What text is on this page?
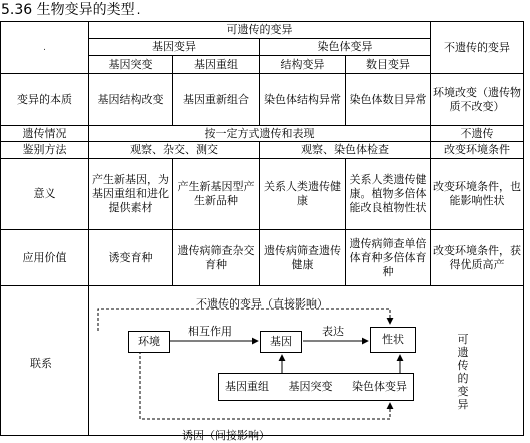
5.36 生物变异的类型 .
.	可遗传的变异				不遗传的变异
	基因变异		染色体变异		
	基因突变	基因重组	结构变异	数目变异	
变异的本质	基因结构改变	基因重新组合	染色体结构异常	染色体数目异常	环境改变（遗传物质不改变）
遗传情况	按一定方式遗传和表现				不遗传
鉴别方法	观察、杂交、测交		观察、染色体检查		改变环境条件
意义	产生新基因，为基因重组和进化提供素材	产生新基因型产生新品种	关系人类遗传健康	关系人类遗传健康。植物多倍体能改良植物性状	改变环境条件，也能影响性状
应用价值	诱变育种	遗传病筛查杂交育种	遗传病筛查遗传健康	遗传病筛查单倍体育种多倍体育种	改变环境条件，获得优质高产

联系
不遗传的变异（直接影响）
环境
相互作用
基因
表达
性状
基因重组 基因突变 染色体变异
可遗传的变异
诱因（间接影响）
